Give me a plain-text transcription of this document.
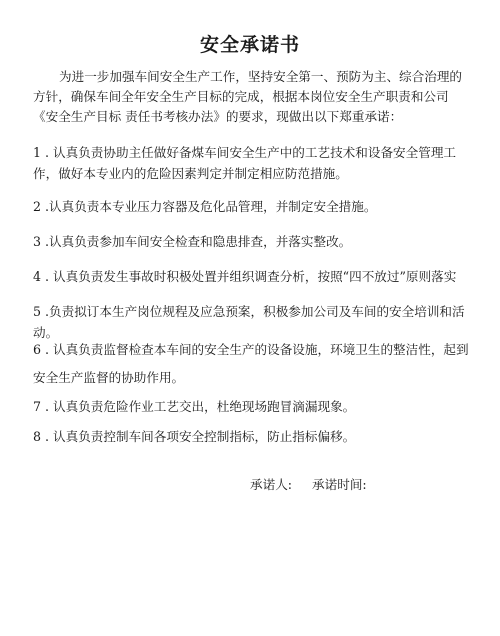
安全承诺书
为进一步加强车间安全生产工作，坚持安全第一、预防为主、综合治理的方针，确保车间全年安全生产目标的完成，根据本岗位安全生产职责和公司《安全生产目标 责任书考核办法》的要求，现做出以下郑重承诺：
1 . 认真负责协助主任做好备煤车间安全生产中的工艺技术和设备安全管理工作，做好本专业内的危险因素判定并制定相应防范措施。
2 .认真负责本专业压力容器及危化品管理，并制定安全措施。
3 .认真负责参加车间安全检查和隐患排查，并落实整改。
4 . 认真负责发生事故时积极处置并组织调查分析，按照“四不放过”原则落实
5 .负责拟订本生产岗位规程及应急预案，积极参加公司及车间的安全培训和活动。
6 . 认真负责监督检查本车间的安全生产的设备设施，环境卫生的整洁性，起到安全生产监督的协助作用。
7 . 认真负责危险作业工艺交出，杜绝现场跑冒滴漏现象。
8 . 认真负责控制车间各项安全控制指标，防止指标偏移。
承诺人: 承诺时间:
